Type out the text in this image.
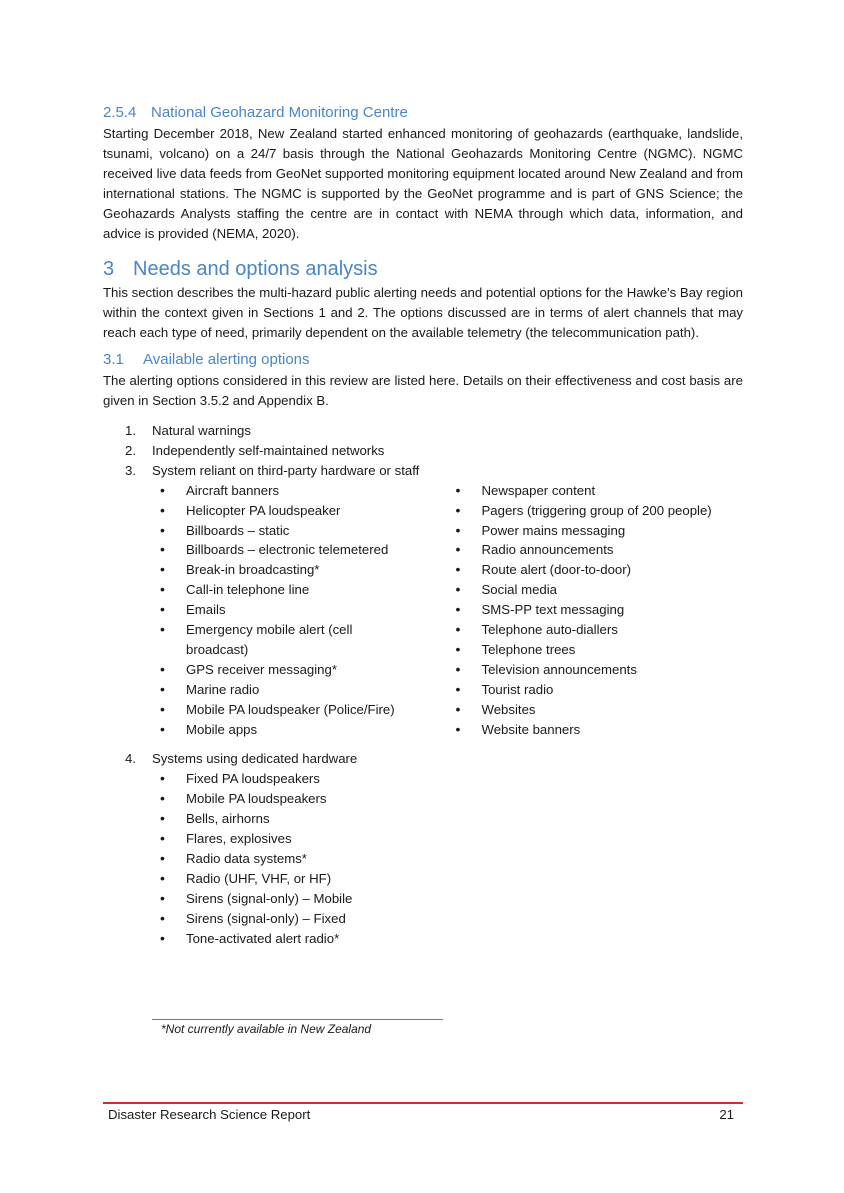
2.5.4 National Geohazard Monitoring Centre

Starting December 2018, New Zealand started enhanced monitoring of geohazards (earthquake, landslide, tsunami, volcano) on a 24/7 basis through the National Geohazards Monitoring Centre (NGMC). NGMC received live data feeds from GeoNet supported monitoring equipment located around New Zealand and from international stations. The NGMC is supported by the GeoNet programme and is part of GNS Science; the Geohazards Analysts staffing the centre are in contact with NEMA through which data, information, and advice is provided (NEMA, 2020).

3 Needs and options analysis

This section describes the multi-hazard public alerting needs and potential options for the Hawke's Bay region within the context given in Sections 1 and 2. The options discussed are in terms of alert channels that may reach each type of need, primarily dependent on the available telemetry (the telecommunication path).

3.1 Available alerting options

The alerting options considered in this review are listed here. Details on their effectiveness and cost basis are given in Section 3.5.2 and Appendix B.

1. Natural warnings
2. Independently self-maintained networks
3. System reliant on third-party hardware or staff
• Aircraft banners
• Helicopter PA loudspeaker
• Billboards – static
• Billboards – electronic telemetered
• Break-in broadcasting*
• Call-in telephone line
• Emails
• Emergency mobile alert (cell broadcast)
• GPS receiver messaging*
• Marine radio
• Mobile PA loudspeaker (Police/Fire)
• Mobile apps
• Newspaper content
• Pagers (triggering group of 200 people)
• Power mains messaging
• Radio announcements
• Route alert (door-to-door)
• Social media
• SMS-PP text messaging
• Telephone auto-diallers
• Telephone trees
• Television announcements
• Tourist radio
• Websites
• Website banners
4. Systems using dedicated hardware
• Fixed PA loudspeakers
• Mobile PA loudspeakers
• Bells, airhorns
• Flares, explosives
• Radio data systems*
• Radio (UHF, VHF, or HF)
• Sirens (signal-only) – Mobile
• Sirens (signal-only) – Fixed
• Tone-activated alert radio*
*Not currently available in New Zealand
Disaster Research Science Report	21
